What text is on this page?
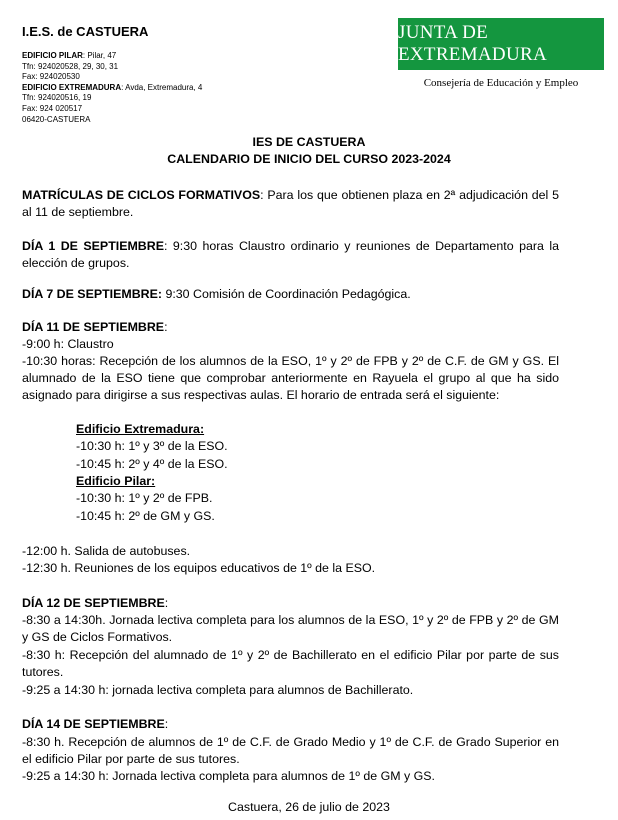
I.E.S. de CASTUERA
EDIFICIO PILAR: Pilar, 47
Tfn: 924020528, 29, 30, 31
Fax: 924020530
EDIFICIO EXTREMADURA: Avda, Extremadura, 4
Tfn: 924020516, 19
Fax: 924 020517
06420-CASTUERA
JUNTA DE EXTREMADURA
Consejería de Educación y Empleo
IES DE CASTUERA
CALENDARIO DE INICIO DEL CURSO 2023-2024
MATRÍCULAS DE CICLOS FORMATIVOS: Para los que obtienen plaza en 2ª adjudicación del 5 al 11 de septiembre.
DÍA 1 DE SEPTIEMBRE: 9:30 horas Claustro ordinario y reuniones de Departamento para la elección de grupos.
DÍA 7 DE SEPTIEMBRE: 9:30 Comisión de Coordinación Pedagógica.
DÍA 11 DE SEPTIEMBRE:
-9:00 h: Claustro
-10:30 horas: Recepción de los alumnos de la ESO, 1º y 2º de FPB y 2º de C.F. de GM y GS. El alumnado de la ESO tiene que comprobar anteriormente en Rayuela el grupo al que ha sido asignado para dirigirse a sus respectivas aulas. El horario de entrada será el siguiente:
Edificio Extremadura:
-10:30 h: 1º y 3º de la ESO.
-10:45 h: 2º y 4º de la ESO.
Edificio Pilar:
-10:30 h: 1º y 2º de FPB.
-10:45 h: 2º de GM y GS.
-12:00 h. Salida de autobuses.
-12:30 h. Reuniones de los equipos educativos de 1º de la ESO.
DÍA 12 DE SEPTIEMBRE:
-8:30 a 14:30h. Jornada lectiva completa para los alumnos de la ESO, 1º y 2º de FPB y 2º de GM y GS de Ciclos Formativos.
-8:30 h: Recepción del alumnado de 1º y 2º de Bachillerato en el edificio Pilar por parte de sus tutores.
-9:25 a 14:30 h: jornada lectiva completa para alumnos de Bachillerato.
DÍA 14 DE SEPTIEMBRE:
-8:30 h. Recepción de alumnos de 1º de C.F. de Grado Medio y 1º de C.F. de Grado Superior en el edificio Pilar por parte de sus tutores.
-9:25 a 14:30 h: Jornada lectiva completa para alumnos de 1º de GM y GS.
Castuera, 26 de julio de 2023
